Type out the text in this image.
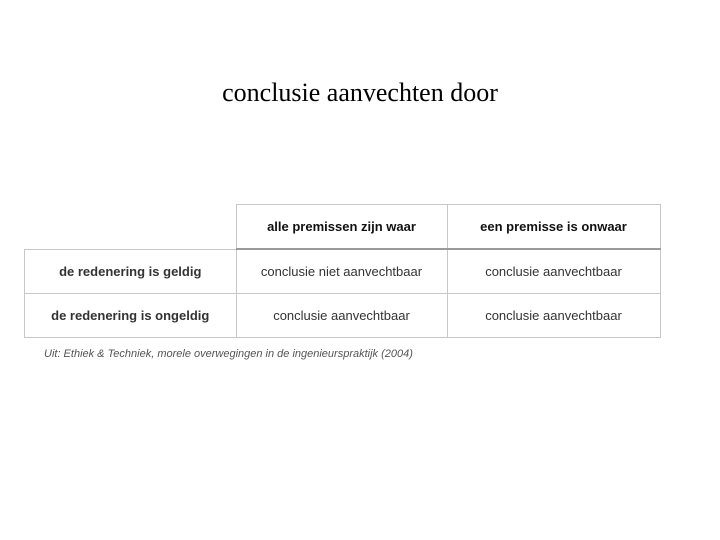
conclusie aanvechten door
	alle premissen zijn waar	een premisse is onwaar
de redenering is geldig	conclusie niet aanvechtbaar	conclusie aanvechtbaar
de redenering is ongeldig	conclusie aanvechtbaar	conclusie aanvechtbaar
Uit: Ethiek & Techniek, morele overwegingen in de ingenieurspraktijk (2004)
